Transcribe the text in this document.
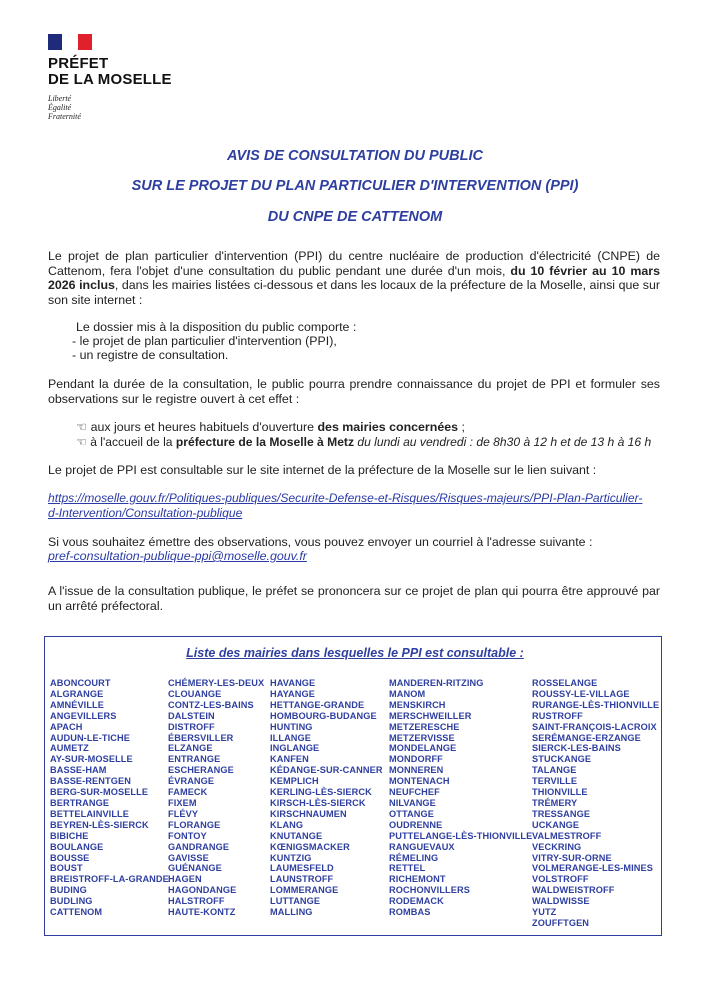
PRÉFET
DE LA MOSELLE
Liberté
Égalité
Fraternité
AVIS DE CONSULTATION DU PUBLIC
SUR LE PROJET DU PLAN PARTICULIER D'INTERVENTION (PPI)
DU CNPE DE CATTENOM
Le projet de plan particulier d'intervention (PPI) du centre nucléaire de production d'électricité (CNPE) de Cattenom, fera l'objet d'une consultation du public pendant une durée d'un mois, du 10 février au 10 mars 2026 inclus, dans les mairies listées ci-dessous et dans les locaux de la préfecture de la Moselle, ainsi que sur son site internet :
Le dossier mis à la disposition du public comporte :
- le projet de plan particulier d'intervention (PPI),
- un registre de consultation.
Pendant la durée de la consultation, le public pourra prendre connaissance du projet de PPI et formuler ses observations sur le registre ouvert à cet effet :
☜ aux jours et heures habituels d'ouverture des mairies concernées ;
☜ à l'accueil de la préfecture de la Moselle à Metz du lundi au vendredi : de 8h30 à 12 h et de 13 h à 16 h
Le projet de PPI est consultable sur le site internet de la préfecture de la Moselle sur le lien suivant :
https://moselle.gouv.fr/Politiques-publiques/Securite-Defense-et-Risques/Risques-majeurs/PPI-Plan-Particulier-
d-Intervention/Consultation-publique
Si vous souhaitez émettre des observations, vous pouvez envoyer un courriel à l'adresse suivante :
pref-consultation-publique-ppi@moselle.gouv.fr
A l'issue de la consultation publique, le préfet se prononcera sur ce projet de plan qui pourra être approuvé par un arrêté préfectoral.
Liste des mairies dans lesquelles le PPI est consultable :
ABONCOURT
ALGRANGE
AMNÉVILLE
ANGEVILLERS
APACH
AUDUN-LE-TICHE
AUMETZ
AY-SUR-MOSELLE
BASSE-HAM
BASSE-RENTGEN
BERG-SUR-MOSELLE
BERTRANGE
BETTELAINVILLE
BEYREN-LÈS-SIERCK
BIBICHE
BOULANGE
BOUSSE
BOUST
BREISTROFF-LA-GRANDE
BUDING
BUDLING
CATTENOM
CHÉMERY-LES-DEUX
CLOUANGE
CONTZ-LES-BAINS
DALSTEIN
DISTROFF
ÉBERSVILLER
ELZANGE
ENTRANGE
ESCHERANGE
ÉVRANGE
FAMECK
FIXEM
FLÉVY
FLORANGE
FONTOY
GANDRANGE
GAVISSE
GUÉNANGE
HAGEN
HAGONDANGE
HALSTROFF
HAUTE-KONTZ
HAVANGE
HAYANGE
HETTANGE-GRANDE
HOMBOURG-BUDANGE
HUNTING
ILLANGE
INGLANGE
KANFEN
KÉDANGE-SUR-CANNER
KEMPLICH
KERLING-LÈS-SIERCK
KIRSCH-LÈS-SIERCK
KIRSCHNAUMEN
KLANG
KNUTANGE
KŒNIGSMACKER
KUNTZIG
LAUMESFELD
LAUNSTROFF
LOMMERANGE
LUTTANGE
MALLING
MANDEREN-RITZING
MANOM
MENSKIRCH
MERSCHWEILLER
METZERESCHE
METZERVISSE
MONDELANGE
MONDORFF
MONNEREN
MONTENACH
NEUFCHEF
NILVANGE
OTTANGE
OUDRENNE
PUTTELANGE-LÈS-THIONVILLE
RANGUEVAUX
RÉMELING
RETTEL
RICHEMONT
ROCHONVILLERS
RODEMACK
ROMBAS
ROSSELANGE
ROUSSY-LE-VILLAGE
RURANGE-LÈS-THIONVILLE
RUSTROFF
SAINT-FRANÇOIS-LACROIX
SERÉMANGE-ERZANGE
SIERCK-LES-BAINS
STUCKANGE
TALANGE
TERVILLE
THIONVILLE
TRÉMERY
TRESSANGE
UCKANGE
VALMESTROFF
VECKRING
VITRY-SUR-ORNE
VOLMERANGE-LES-MINES
VOLSTROFF
WALDWEISTROFF
WALDWISSE
YUTZ
ZOUFFTGEN
